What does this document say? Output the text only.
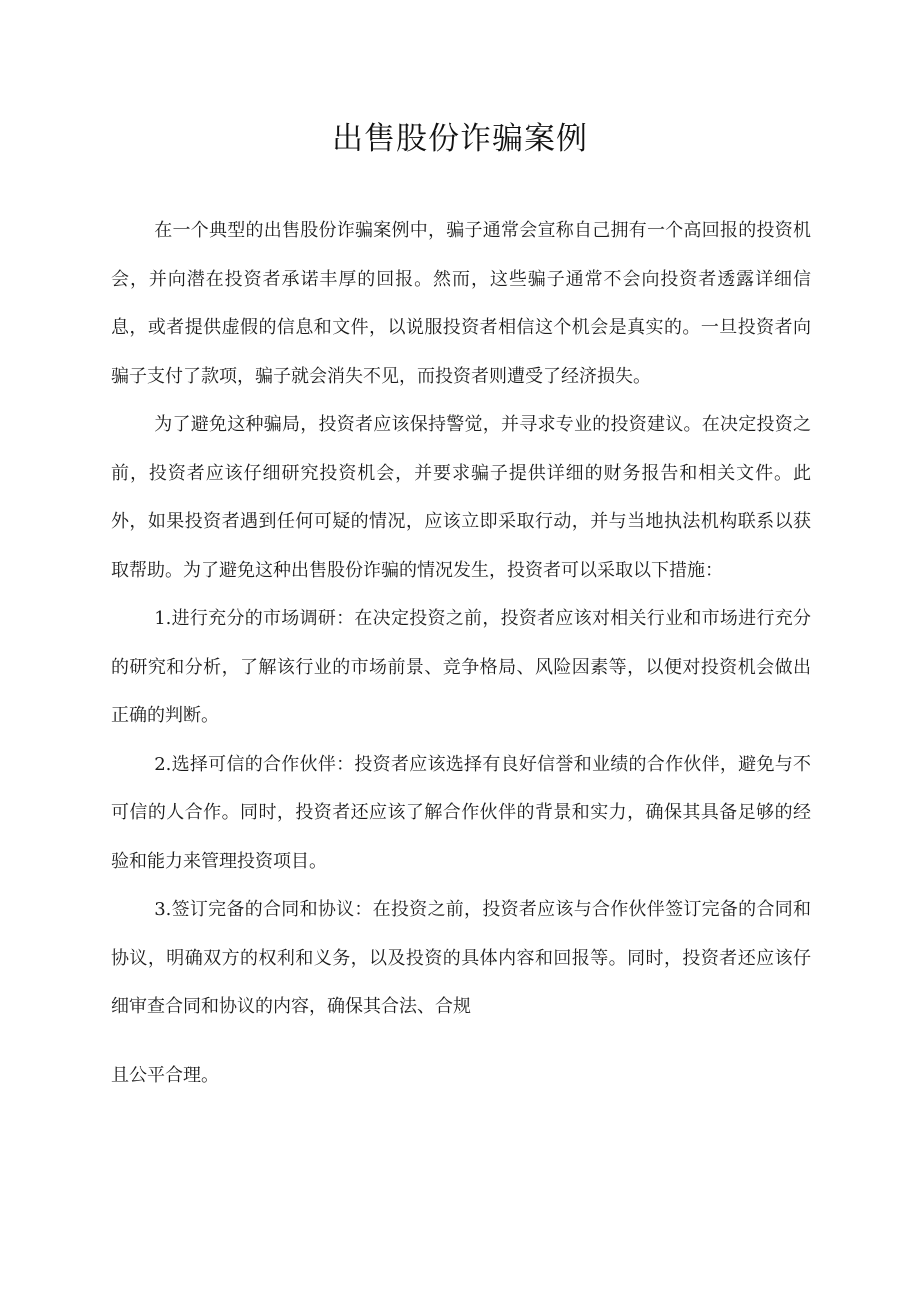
出售股份诈骗案例

在一个典型的出售股份诈骗案例中，骗子通常会宣称自己拥有一个高回报的投资机会，并向潜在投资者承诺丰厚的回报。然而，这些骗子通常不会向投资者透露详细信息，或者提供虚假的信息和文件，以说服投资者相信这个机会是真实的。一旦投资者向骗子支付了款项，骗子就会消失不见，而投资者则遭受了经济损失。

为了避免这种骗局，投资者应该保持警觉，并寻求专业的投资建议。在决定投资之前，投资者应该仔细研究投资机会，并要求骗子提供详细的财务报告和相关文件。此外，如果投资者遇到任何可疑的情况，应该立即采取行动，并与当地执法机构联系以获取帮助。为了避免这种出售股份诈骗的情况发生，投资者可以采取以下措施：

1.进行充分的市场调研：在决定投资之前，投资者应该对相关行业和市场进行充分的研究和分析，了解该行业的市场前景、竞争格局、风险因素等，以便对投资机会做出正确的判断。

2.选择可信的合作伙伴：投资者应该选择有良好信誉和业绩的合作伙伴，避免与不可信的人合作。同时，投资者还应该了解合作伙伴的背景和实力，确保其具备足够的经验和能力来管理投资项目。

3.签订完备的合同和协议：在投资之前，投资者应该与合作伙伴签订完备的合同和协议，明确双方的权利和义务，以及投资的具体内容和回报等。同时，投资者还应该仔细审查合同和协议的内容，确保其合法、合规

且公平合理。
